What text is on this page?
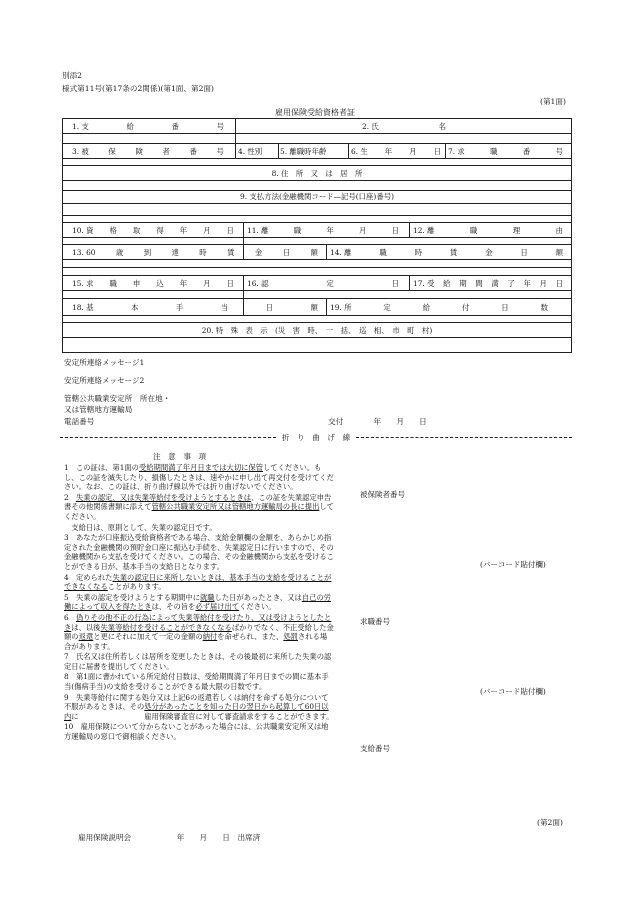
別添2
様式第11号(第17条の2関係)(第1面、第2面)
(第1面)
雇用保険受給資格者証
1. 支	給	番	号	2. 氏	名
3. 被	保	険	者	番	号 4. 性別	5. 離職時年齢	6. 生 年 月 日 7. 求	職	番	号
8. 住　所　又　は　居　所
9. 支払方法(金融機関コード—記号(口座)番号)
10. 資 格 取 得 年 月 日 11. 離	職	年	月	日 12. 離	職	理	由
13. 60	歳	到	達	時	賃	金	日	額 14. 離	職	時	賃	金	日	額
15. 求 職 申 込 年 月 日 16. 認	定	日 17. 受 給 期 間 満 了 年 月 日
18. 基	本	手	当	日	額 19. 所	定	給	付	日	数
20. 特　殊　表　示　(災　害　時、　一　括、　巡　相、　市　町　村)
安定所連絡メッセージ1
安定所連絡メッセージ2
管轄公共職業安定所　所在地・
又は管轄地方運輸局
電話番号	交付　　　　年　　月　　日
折　り　曲　げ　線
注　意　事　項

1　この証は、第1面の受給期間満了年月日までは大切に保管してください。もし、この証を滅失したり、損傷したときは、速やかに申し出て再交付を受けてください。なお、この証は、折り曲げ線以外では折り曲げないでください。

2　失業の認定、又は失業等給付を受けようとするときは、この証を失業認定申告書その他関係書類に添えて管轄公共職業安定所又は管轄地方運輸局の長に提出してください。

　支給日は、原則として、失業の認定日です。

3　あなたが口座振込受給資格者である場合、支給金額欄の金額を、あらかじめ指定された金融機関の預貯金口座に振込む手続を、失業認定日に行いますので、その金融機関から支払を受けてください。この場合、その金融機関から支払を受けることができる日が、基本手当の支給日となります。

4　定められた失業の認定日に来所しないときは、基本手当の支給を受けることができなくなることがあります。

5　失業の認定を受けようとする期間中に就職した日があったとき、又は自己の労働によって収入を得たときは、その旨を必ず届け出てください。

6　偽りその他不正の行為によって失業等給付を受けたり、又は受けようとしたときは、以後失業等給付を受けることができなくなるばかりでなく、不正受給した金額の返還と更にそれに加えて一定の金額の納付を命ぜられ、また、処罰される場合があります。

7　氏名又は住所若しくは居所を変更したときは、その後最初に来所した失業の認定日に届書を提出してください。

8　第1面に書かれている所定給付日数は、受給期間満了年月日までの間に基本手当(傷病手当)の支給を受けることができる最大限の日数です。

9　失業等給付に関する処分又は上記6の返還若しくは納付を命ずる処分について不服があるときは、その処分があったことを知った日の翌日から起算して60日以内に　　　　　　　　　雇用保険審査官に対して審査請求をすることができます。

10　雇用保険について分からないことがあった場合には、公共職業安定所又は地方運輸局の窓口で御相談ください。

被保険者番号
(バーコード貼付欄)
求職番号
(バーコード貼付欄)
支給番号
(第2面)
雇用保険説明会　　　　　　年　　月　　日　出席済
